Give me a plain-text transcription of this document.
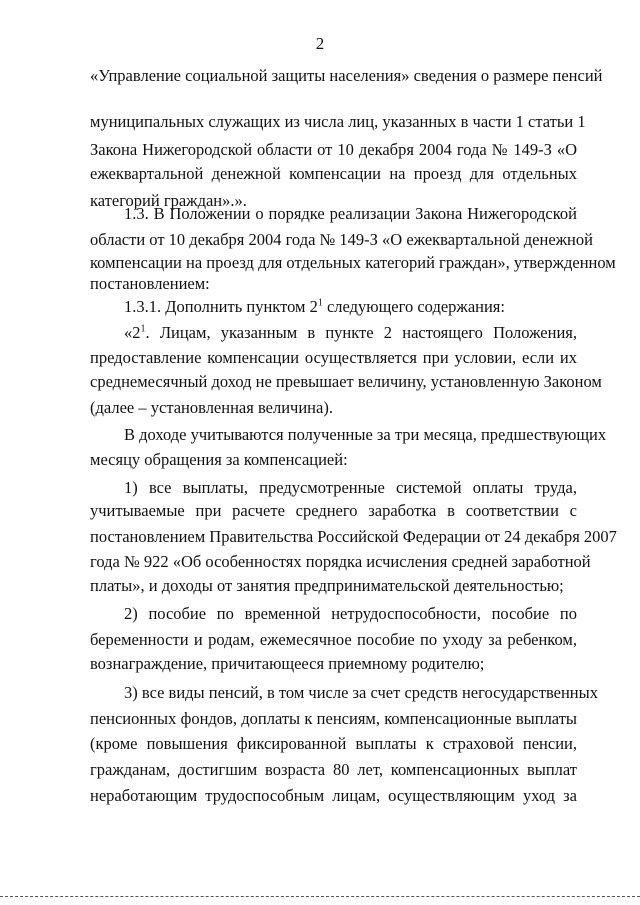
2
«Управление социальной защиты населения» сведения о размере пенсий
муниципальных служащих из числа лиц, указанных в части 1 статьи 1
Закона Нижегородской области от 10 декабря 2004 года № 149-З «О
ежеквартальной денежной компенсации на проезд для отдельных
категорий граждан».».
1.3. В Положении о порядке реализации Закона Нижегородской
области от 10 декабря 2004 года № 149-З «О ежеквартальной денежной
компенсации на проезд для отдельных категорий граждан», утвержденном
постановлением:
1.3.1. Дополнить пунктом $2^1$ следующего содержания:
«$2^1$. Лицам, указанным в пункте 2 настоящего Положения,
предоставление компенсации осуществляется при условии, если их
среднемесячный доход не превышает величину, установленную Законом
(далее – установленная величина).
В доходе учитываются полученные за три месяца, предшествующих
месяцу обращения за компенсацией:
1) все выплаты, предусмотренные системой оплаты труда,
учитываемые при расчете среднего заработка в соответствии с
постановлением Правительства Российской Федерации от 24 декабря 2007
года № 922 «Об особенностях порядка исчисления средней заработной
платы», и доходы от занятия предпринимательской деятельностью;
2) пособие по временной нетрудоспособности, пособие по
беременности и родам, ежемесячное пособие по уходу за ребенком,
вознаграждение, причитающееся приемному родителю;
3) все виды пенсий, в том числе за счет средств негосударственных
пенсионных фондов, доплаты к пенсиям, компенсационные выплаты
(кроме повышения фиксированной выплаты к страховой пенсии,
гражданам, достигшим возраста 80 лет, компенсационных выплат
неработающим трудоспособным лицам, осуществляющим уход за
